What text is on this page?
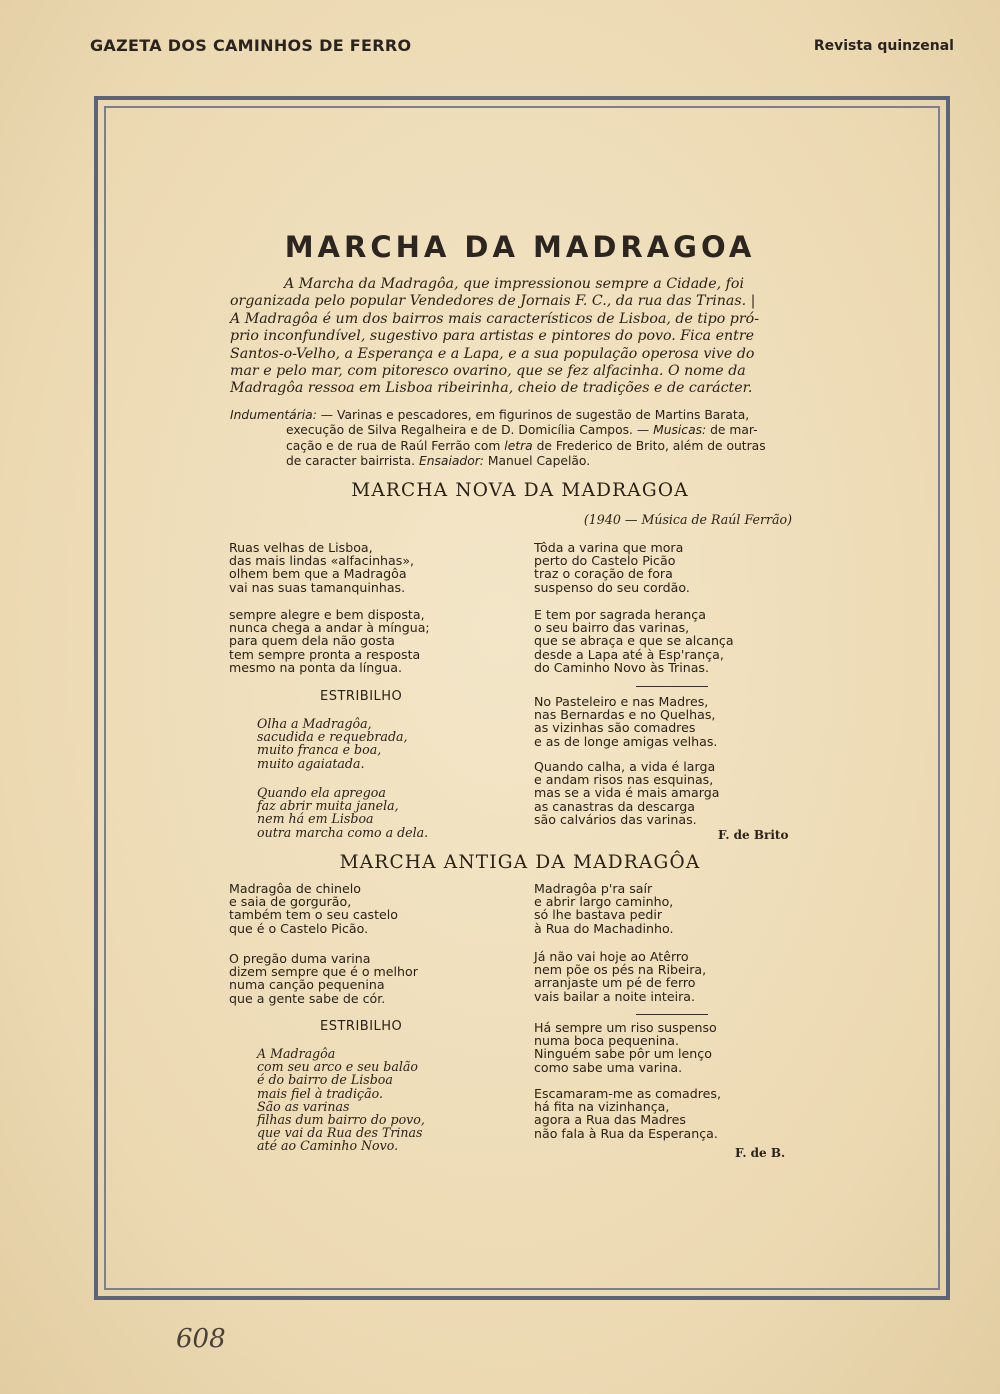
GAZETA DOS CAMINHOS DE FERRO	Revista quinzenal
MARCHA DA MADRAGOA
A Marcha da Madragôa, que impressionou sempre a Cidade, foi
organizada pelo popular Vendedores de Jornais F. C., da rua das Trinas. |
A Madragôa é um dos bairros mais característicos de Lisboa, de tipo pró-
prio inconfundível, sugestivo para artistas e pintores do povo. Fica entre
Santos-o-Velho, a Esperança e a Lapa, e a sua população operosa vive do
mar e pelo mar, com pitoresco ovarino, que se fez alfacinha. O nome da
Madragôa ressoa em Lisboa ribeirinha, cheio de tradições e de carácter.
Indumentária: — Varinas e pescadores, em figurinos de sugestão de Martins Barata,
execução de Silva Regalheira e de D. Domicília Campos. — Musicas: de mar-
cação e de rua de Raúl Ferrão com letra de Frederico de Brito, além de outras
de caracter bairrista. Ensaiador: Manuel Capelão.
MARCHA NOVA DA MADRAGOA
(1940 — Música de Raúl Ferrão)
Ruas velhas de Lisboa,
das mais lindas «alfacinhas»,
olhem bem que a Madragôa
vai nas suas tamanquinhas.
sempre alegre e bem disposta,
nunca chega a andar à míngua;
para quem dela não gosta
tem sempre pronta a resposta
mesmo na ponta da língua.
ESTRIBILHO
Olha a Madragôa,
sacudida e requebrada,
muito franca e boa,
muito agaiatada.
Quando ela apregoa
faz abrir muita janela,
nem há em Lisboa
outra marcha como a dela.
Tôda a varina que mora
perto do Castelo Picão
traz o coração de fora
suspenso do seu cordão.
E tem por sagrada herança
o seu bairro das varinas,
que se abraça e que se alcança
desde a Lapa até à Esp'rança,
do Caminho Novo às Trinas.
No Pasteleiro e nas Madres,
nas Bernardas e no Quelhas,
as vizinhas são comadres
e as de longe amigas velhas.
Quando calha, a vida é larga
e andam risos nas esquinas,
mas se a vida é mais amarga
as canastras da descarga
são calvários das varinas.
F. de Brito
MARCHA ANTIGA DA MADRAGÔA
Madragôa de chinelo
e saia de gorgurão,
também tem o seu castelo
que é o Castelo Picão.
O pregão duma varina
dizem sempre que é o melhor
numa canção pequenina
que a gente sabe de cór.
ESTRIBILHO
A Madragôa
com seu arco e seu balão
é do bairro de Lisboa
mais fiel à tradição.
São as varinas
filhas dum bairro do povo,
que vai da Rua des Trinas
até ao Caminho Novo.
Madragôa p'ra saír
e abrir largo caminho,
só lhe bastava pedir
à Rua do Machadinho.
Já não vai hoje ao Atêrro
nem põe os pés na Ribeira,
arranjaste um pé de ferro
vais bailar a noite inteira.
Há sempre um riso suspenso
numa boca pequenina.
Ninguém sabe pôr um lenço
como sabe uma varina.
Escamaram-me as comadres,
há fita na vizinhança,
agora a Rua das Madres
não fala à Rua da Esperança.
F. de B.
608
